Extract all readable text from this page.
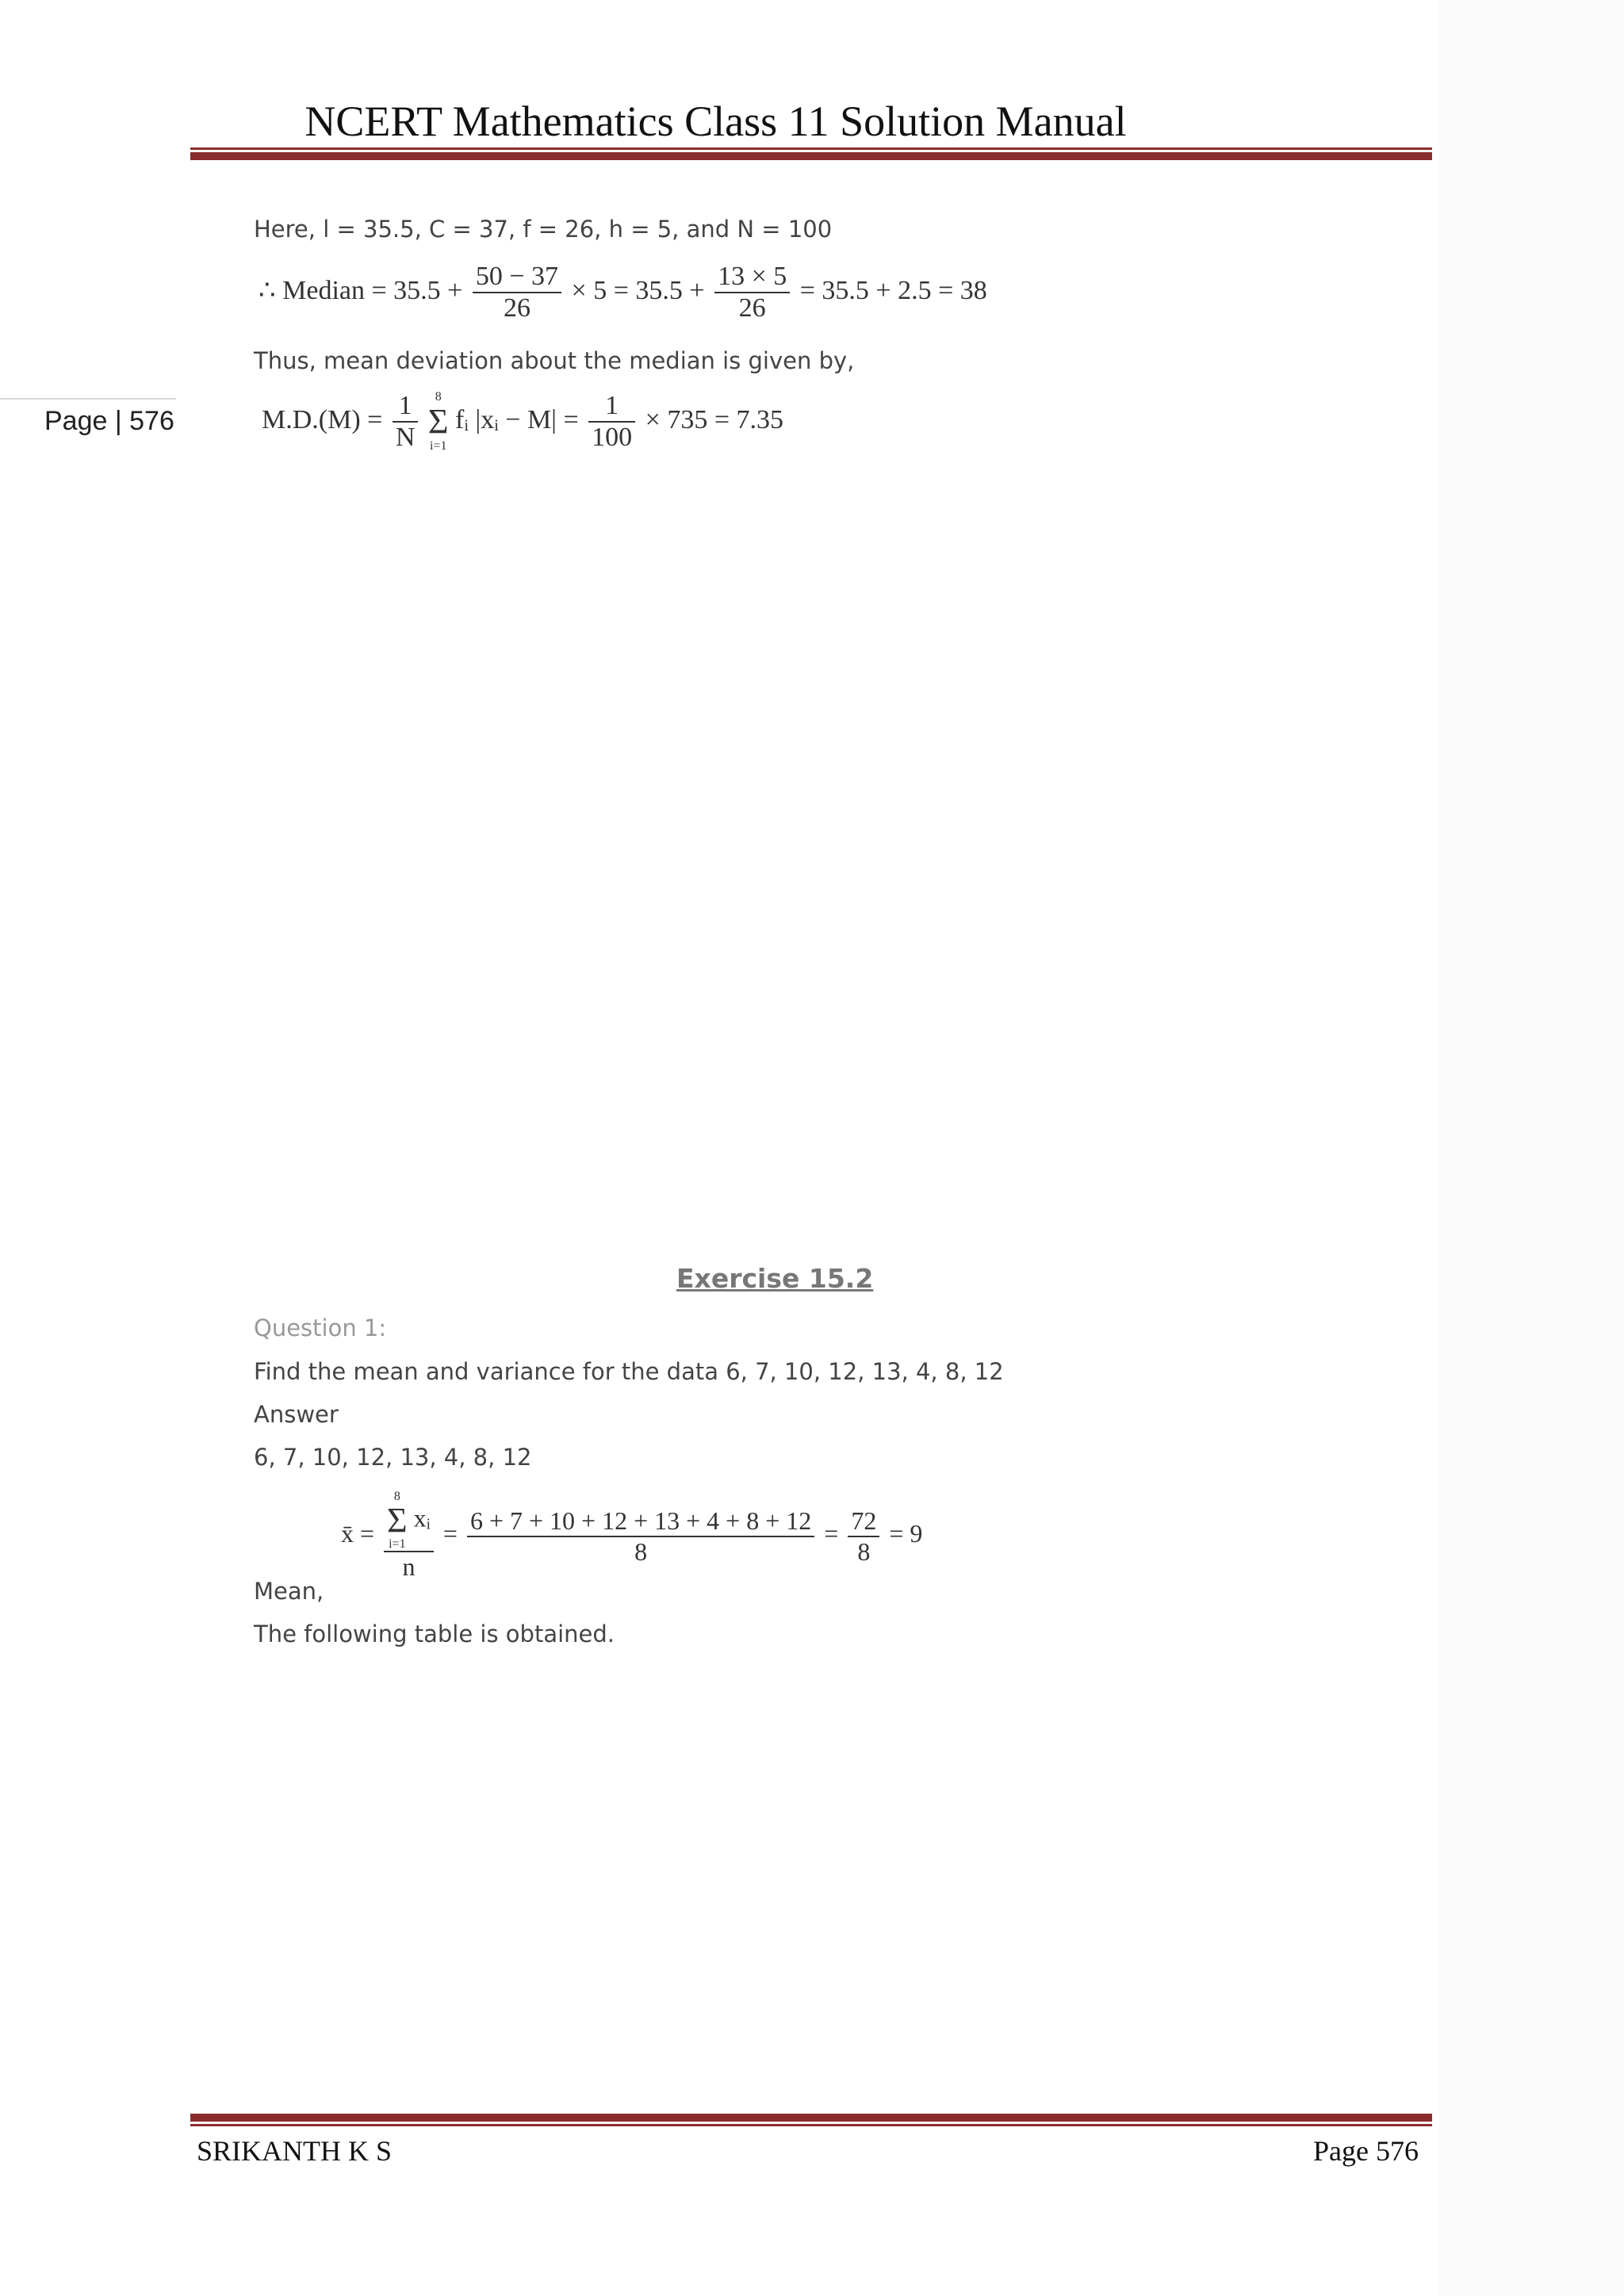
NCERT Mathematics Class 11 Solution Manual
Page | 576
Here, l = 35.5, C = 37, f = 26, h = 5, and N = 100
∴ Median = $35.5 + \frac{50 - 37}{26} \times 5 = 35.5 + \frac{13 \times 5}{26} = 35.5 + 2.5 = 38$
Thus, mean deviation about the median is given by,
$M.D.(M) = \frac{1}{N}$
	8
Σ
i=1
fᵢ |xᵢ − $M| = \frac{1}{100} \times 735 = 7.35$
Exercise 15.2
Question 1:
Find the mean and variance for the data 6, 7, 10, 12, 13, 4, 8, 12
Answer
6, 7, 10, 12, 13, 4, 8, 12
Mean,
x̄ = 8
Σ
i=1
xᵢ
$n = \frac{6 + 7 + 10 + 12 + 13 + 4 + 8 + 12}{8} = \frac{72}{8} = 9$
The following table is obtained.
SRIKANTH K S	Page 576
